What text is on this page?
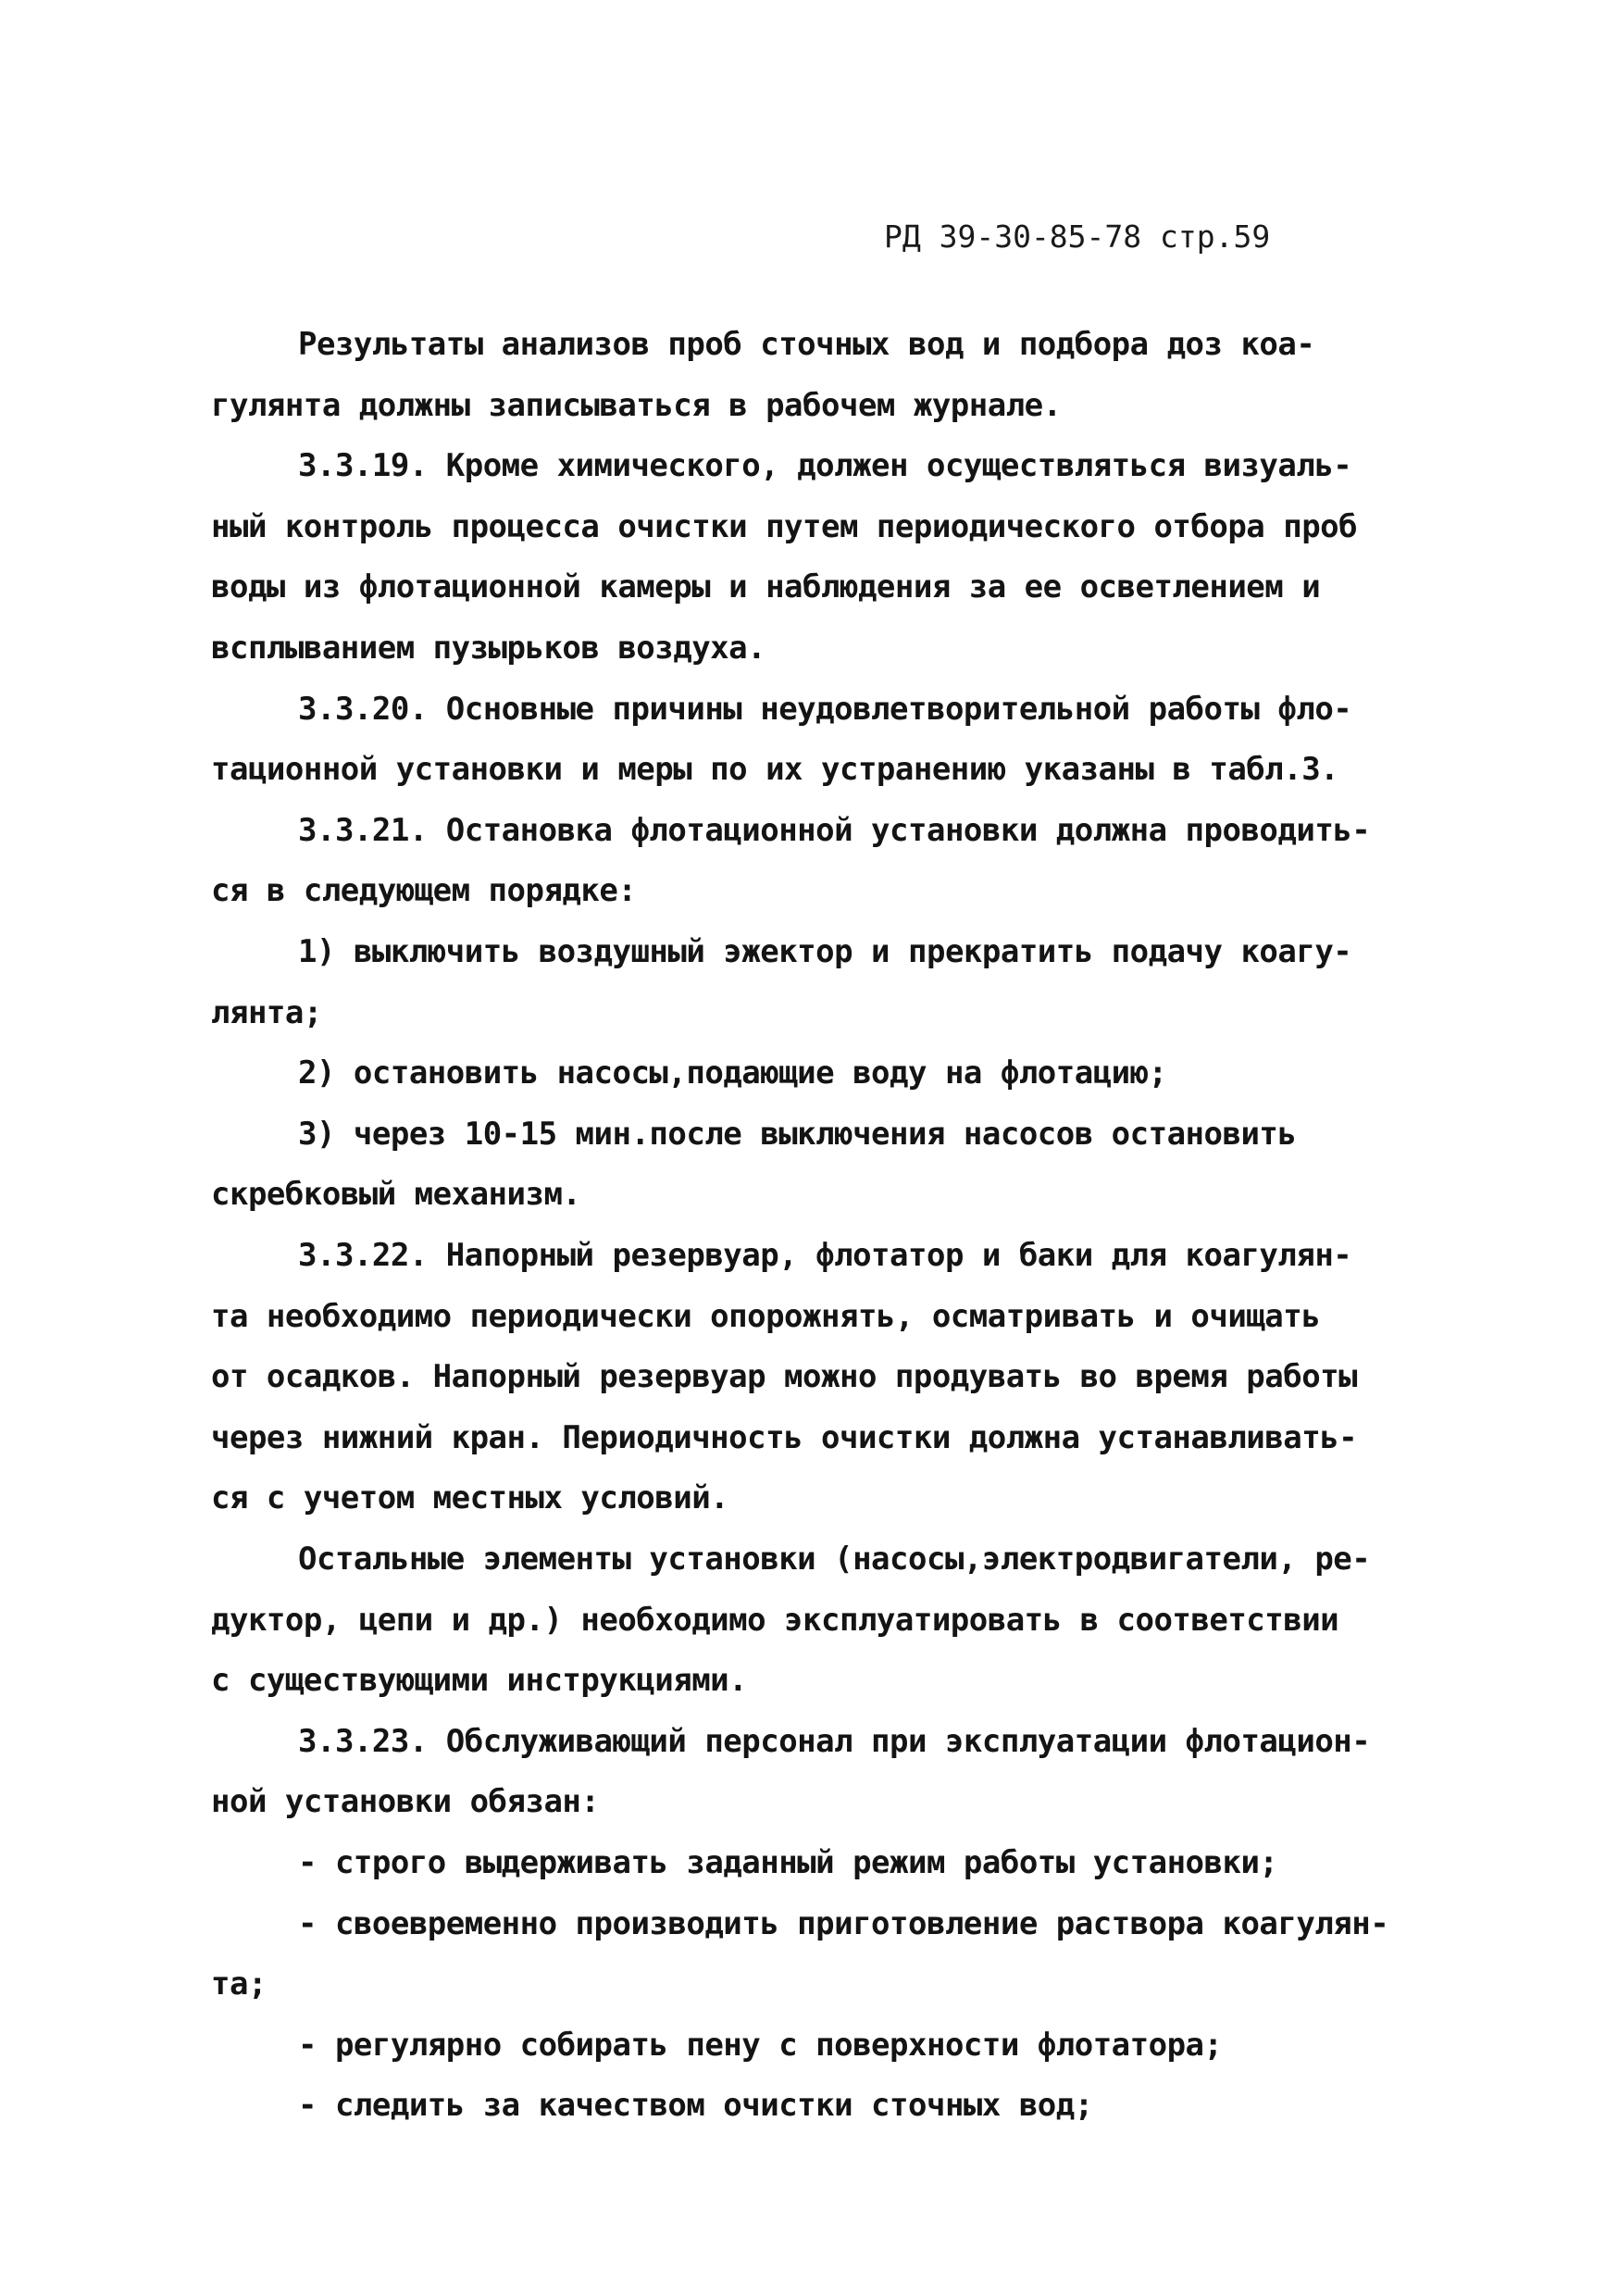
РД 39-30-85-78 стр.59
Результаты анализов проб сточных вод и подбора доз коа-
гулянта должны записываться в рабочем журнале.
3.3.19. Кроме химического, должен осуществляться визуаль-
ный контроль процесса очистки путем периодического отбора проб
воды из флотационной камеры и наблюдения за ее осветлением и
всплыванием пузырьков воздуха.
3.3.20. Основные причины неудовлетворительной работы фло-
тационной установки и меры по их устранению указаны в табл.3.
3.3.21. Остановка флотационной установки должна проводить-
ся в следующем порядке:
1) выключить воздушный эжектор и прекратить подачу коагу-
лянта;
2) остановить насосы,подающие воду на флотацию;
3) через 10-15 мин.после выключения насосов остановить
скребковый механизм.
3.3.22. Напорный резервуар, флотатор и баки для коагулян-
та необходимо периодически опорожнять, осматривать и очищать
от осадков. Напорный резервуар можно продувать во время работы
через нижний кран. Периодичность очистки должна устанавливать-
ся с учетом местных условий.
Остальные элементы установки (насосы,электродвигатели, ре-
дуктор, цепи и др.) необходимо эксплуатировать в соответствии
с существующими инструкциями.
3.3.23. Обслуживающий персонал при эксплуатации флотацион-
ной установки обязан:
- строго выдерживать заданный режим работы установки;
- своевременно производить приготовление раствора коагулян-
та;
- регулярно собирать пену с поверхности флотатора;
- следить за качеством очистки сточных вод;
